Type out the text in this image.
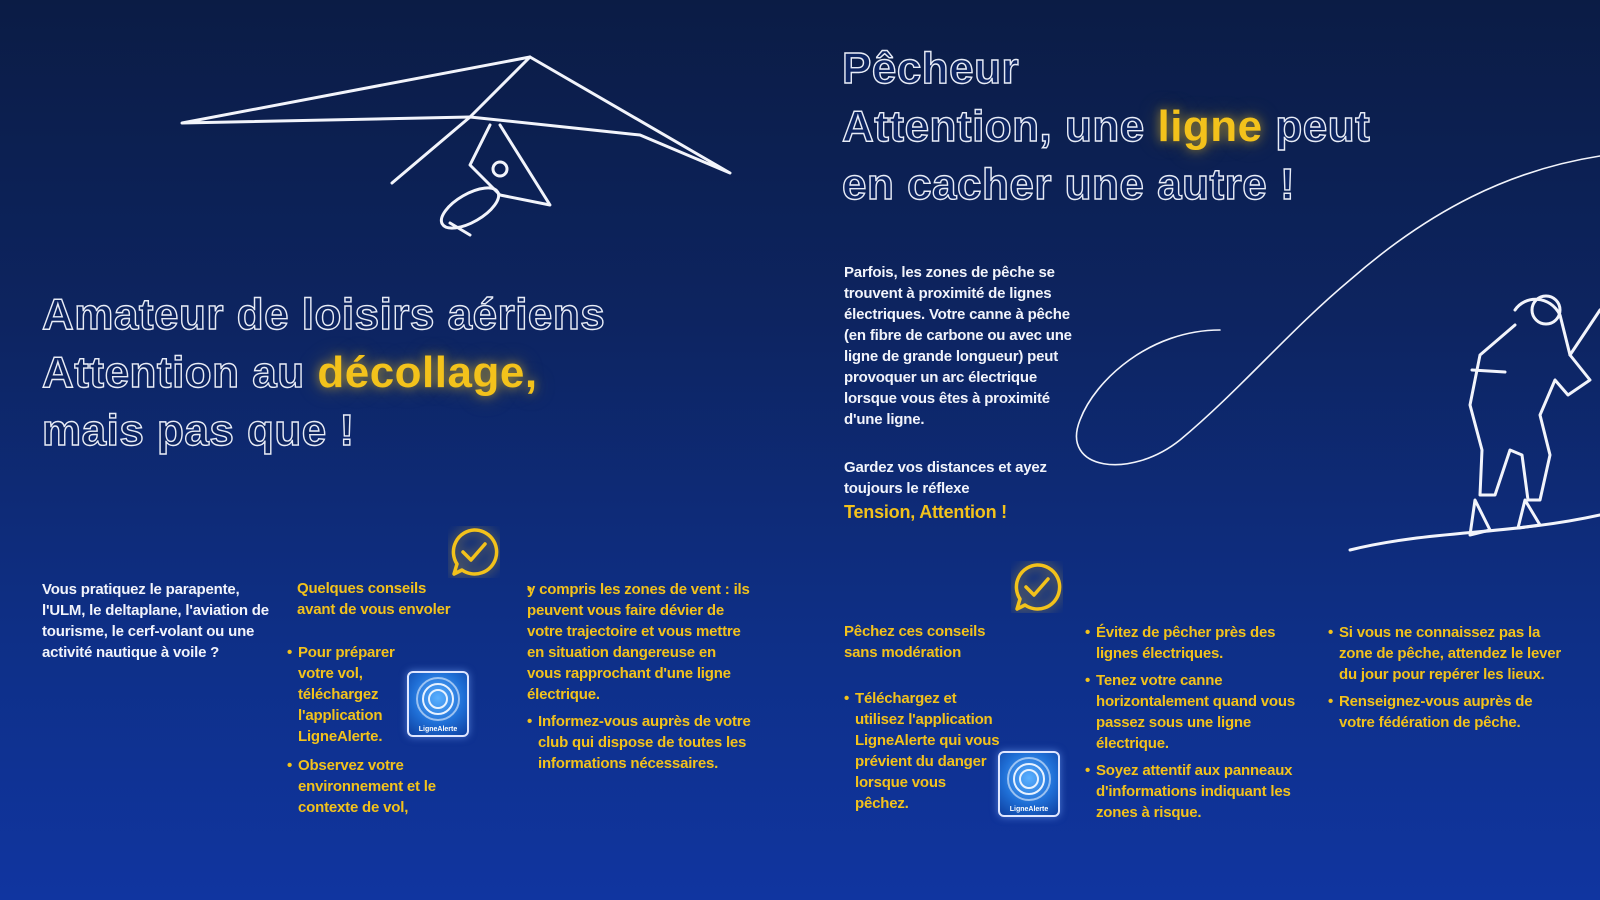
Amateur de loisirs aériens

Attention au décollage,

mais pas que !

Vous pratiquez le parapente, l'ULM, le deltaplane, l'aviation de tourisme, le cerf-volant ou une activité nautique à voile ?
Quelques conseils
avant de vous envoler
• Pour préparer votre vol, téléchargez l'application LigneAlerte.	LigneAlerte
• Observez votre environnement et le contexte de vol,
• y compris les zones de vent : ils peuvent vous faire dévier de votre trajectoire et vous mettre en situation dangereuse en vous rapprochant d'une ligne électrique.
• Informez-vous auprès de votre club qui dispose de toutes les informations nécessaires.

Pêcheur

Attention, une ligne peut

en cacher une autre !

Parfois, les zones de pêche se trouvent à proximité de lignes électriques. Votre canne à pêche (en fibre de carbone ou avec une ligne de grande longueur) peut provoquer un arc électrique lorsque vous êtes à proximité d'une ligne.
Gardez vos distances et ayez toujours le réflexe
Tension, Attention !
Pêchez ces conseils
sans modération
• Téléchargez et utilisez l'application LigneAlerte qui vous prévient du danger lorsque vous pêchez.	LigneAlerte
• Évitez de pêcher près des lignes électriques.
• Tenez votre canne horizontalement quand vous passez sous une ligne électrique.
• Soyez attentif aux panneaux d'informations indiquant les zones à risque.
• Si vous ne connaissez pas la zone de pêche, attendez le lever du jour pour repérer les lieux.
• Renseignez-vous auprès de votre fédération de pêche.
